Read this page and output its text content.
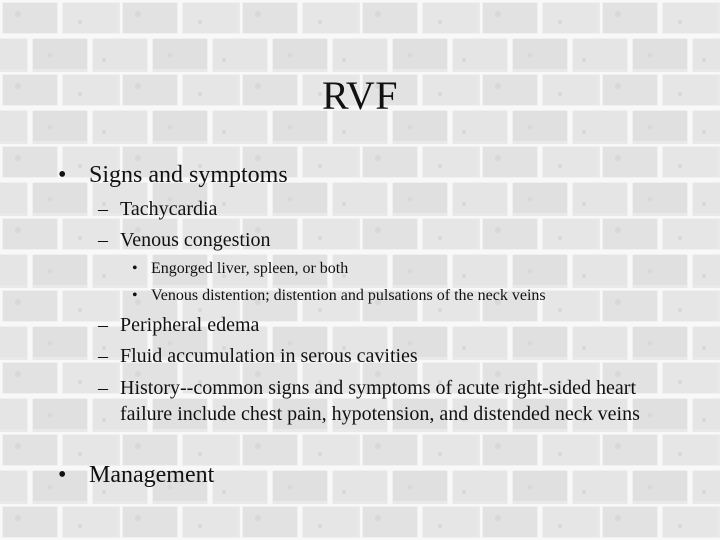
RVF
• Signs and symptoms
– Tachycardia
– Venous congestion
• Engorged liver, spleen, or both
• Venous distention; distention and pulsations of the neck veins
– Peripheral edema
– Fluid accumulation in serous cavities
– History--common signs and symptoms of acute right-sided heart failure include chest pain, hypotension, and distended neck veins
• Management
